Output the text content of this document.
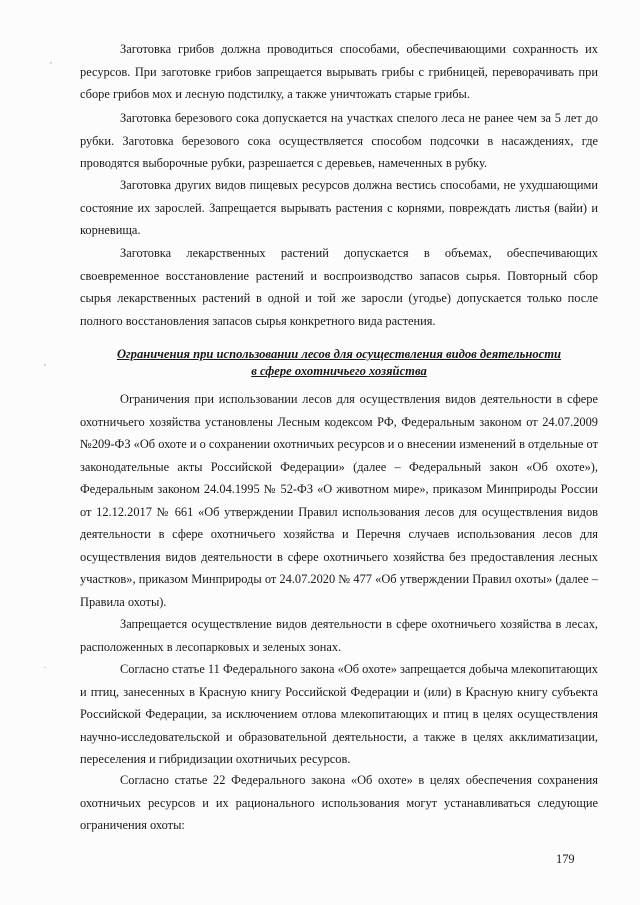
,
,
.

Заготовка грибов должна проводиться способами, обеспечивающими сохранность их ресурсов. При заготовке грибов запрещается вырывать грибы с грибницей, переворачивать при сборе грибов мох и лесную подстилку, а также уничтожать старые грибы.

Заготовка березового сока допускается на участках спелого леса не ранее чем за 5 лет до рубки. Заготовка березового сока осуществляется способом подсочки в насаждениях, где проводятся выборочные рубки, разрешается с деревьев, намеченных в рубку.

Заготовка других видов пищевых ресурсов должна вестись способами, не ухудшающими состояние их зарослей. Запрещается вырывать растения с корнями, повреждать листья (вайи) и корневища.

Заготовка лекарственных растений допускается в объемах, обеспечивающих своевременное восстановление растений и воспроизводство запасов сырья. Повторный сбор сырья лекарственных растений в одной и той же заросли (угодье) допускается только после полного восстановления запасов сырья конкретного вида растения.

Ограничения при использовании лесов для осуществления видов деятельности
в сфере охотничьего хозяйства

Ограничения при использовании лесов для осуществления видов деятельности в сфере охотничьего хозяйства установлены Лесным кодексом РФ, Федеральным законом от 24.07.2009 №209-ФЗ «Об охоте и о сохранении охотничьих ресурсов и о внесении изменений в отдельные от законодательные акты Российской Федерации» (далее – Федеральный закон «Об охоте»), Федеральным законом 24.04.1995 № 52-ФЗ «О животном мире», приказом Минприроды России от 12.12.2017 № 661 «Об утверждении Правил использования лесов для осуществления видов деятельности в сфере охотничьего хозяйства и Перечня случаев использования лесов для осуществления видов деятельности в сфере охотничьего хозяйства без предоставления лесных участков», приказом Минприроды от 24.07.2020 № 477 «Об утверждении Правил охоты» (далее – Правила охоты).

Запрещается осуществление видов деятельности в сфере охотничьего хозяйства в лесах, расположенных в лесопарковых и зеленых зонах.

Согласно статье 11 Федерального закона «Об охоте» запрещается добыча млекопитающих и птиц, занесенных в Красную книгу Российской Федерации и (или) в Красную книгу субъекта Российской Федерации, за исключением отлова млекопитающих и птиц в целях осуществления научно-исследовательской и образовательной деятельности, а также в целях акклиматизации, переселения и гибридизации охотничьих ресурсов.

Согласно статье 22 Федерального закона «Об охоте» в целях обеспечения сохранения охотничьих ресурсов и их рационального использования могут устанавливаться следующие ограничения охоты:

179
